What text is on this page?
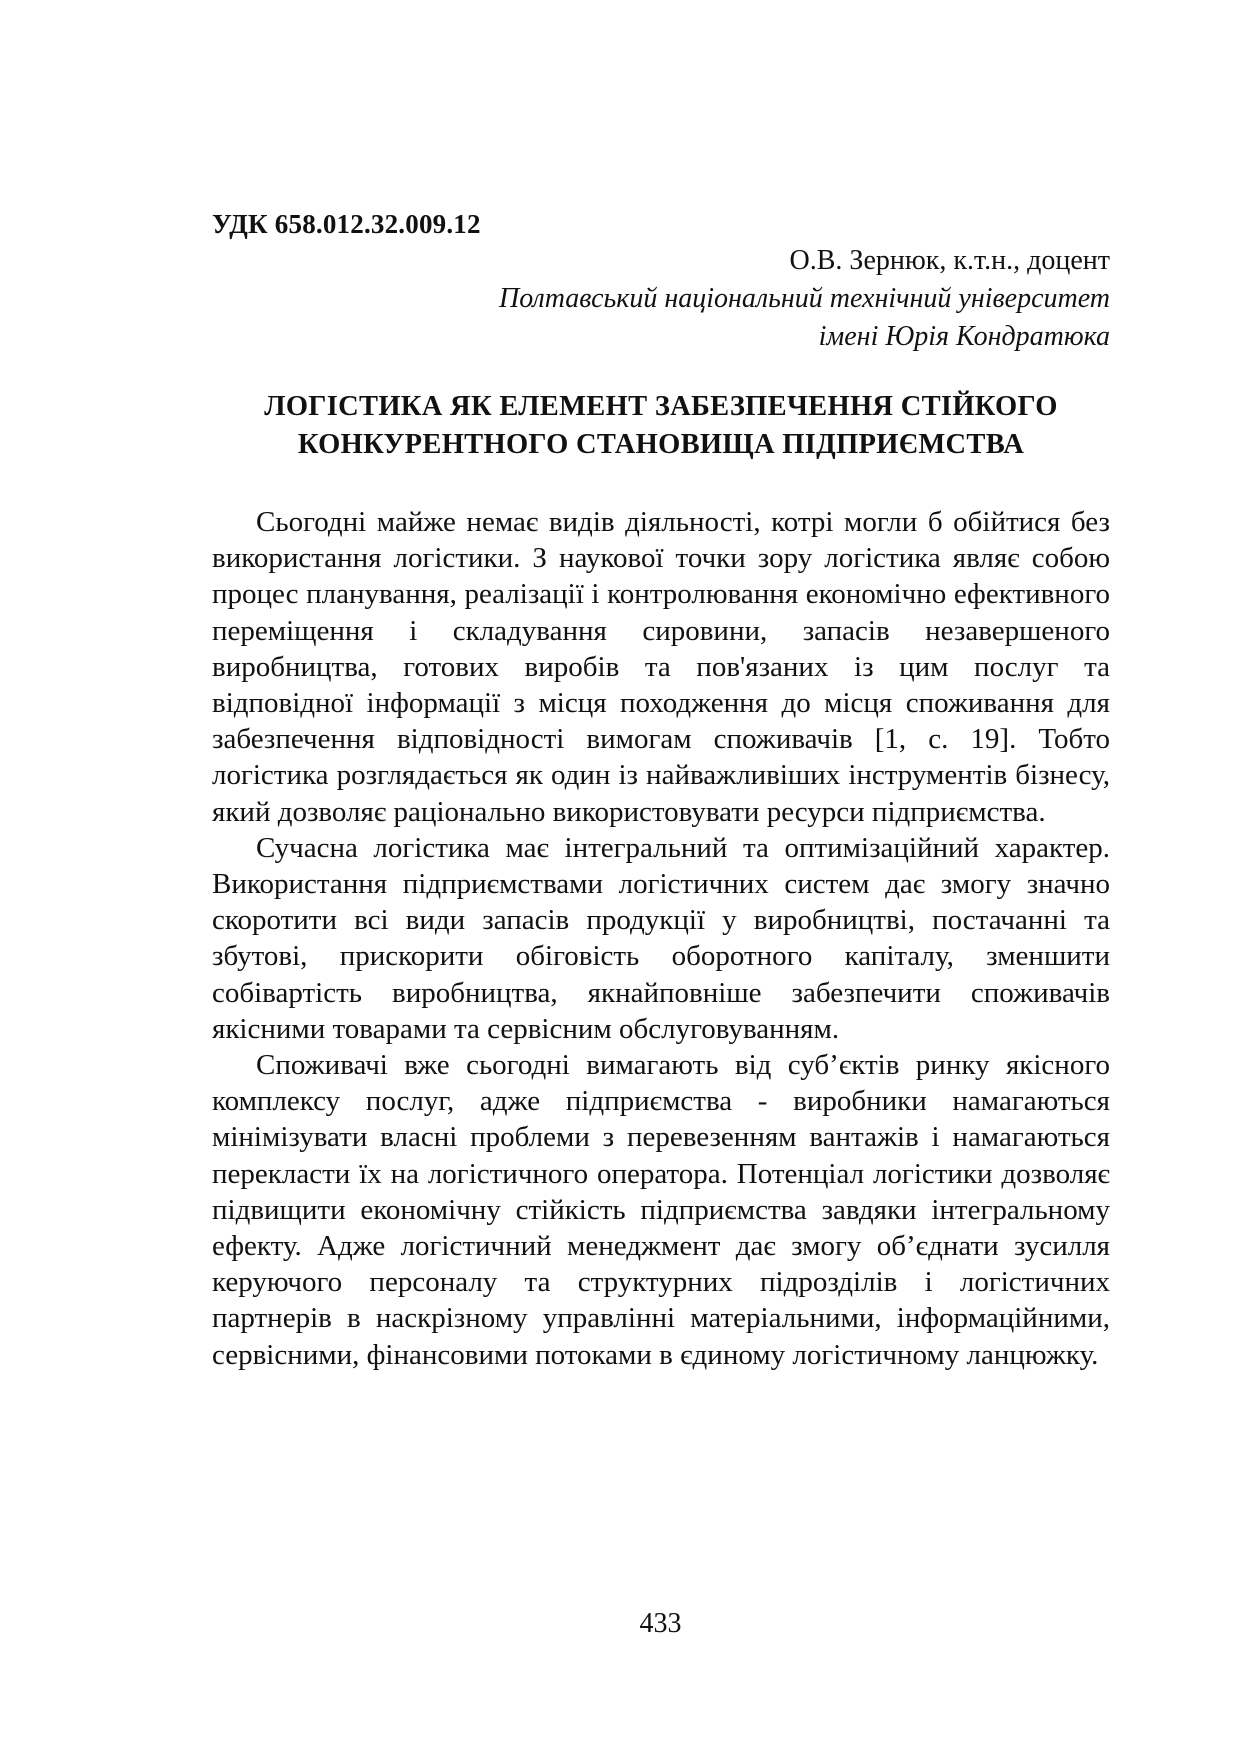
УДК 658.012.32.009.12
О.В. Зернюк, к.т.н., доцент
Полтавський національний технічний університет
імені Юрія Кондратюка
ЛОГІСТИКА ЯК ЕЛЕМЕНТ ЗАБЕЗПЕЧЕННЯ СТІЙКОГО
КОНКУРЕНТНОГО СТАНОВИЩА ПІДПРИЄМСТВА

Сьогодні майже немає видів діяльності, котрі могли б обійтися без використання логістики. З наукової точки зору логістика являє собою процес планування, реалізації і контролювання економічно ефективного переміщення і складування сировини, запасів незавершеного виробництва, готових виробів та пов'язаних із цим послуг та відповідної інформації з місця походження до місця споживання для забезпечення відповідності вимогам споживачів [1, с. 19]. Тобто логістика розглядається як один із найважливіших інструментів бізнесу, який дозволяє раціонально використовувати ресурси підприємства.

Сучасна логістика має інтегральний та оптимізаційний характер. Використання підприємствами логістичних систем дає змогу значно скоротити всі види запасів продукції у виробництві, постачанні та збутові, прискорити обіговість оборотного капіталу, зменшити собівартість виробництва, якнайповніше забезпечити споживачів якісними товарами та сервісним обслуговуванням.

Споживачі вже сьогодні вимагають від суб’єктів ринку якісного комплексу послуг, адже підприємства - виробники намагаються мінімізувати власні проблеми з перевезенням вантажів і намагаються перекласти їх на логістичного оператора. Потенціал логістики дозволяє підвищити економічну стійкість підприємства завдяки інтегральному ефекту. Адже логістичний менеджмент дає змогу об’єднати зусилля керуючого персоналу та структурних підрозділів і логістичних партнерів в наскрізному управлінні матеріальними, інформаційними, сервісними, фінансовими потоками в єдиному логістичному ланцюжку.

433
